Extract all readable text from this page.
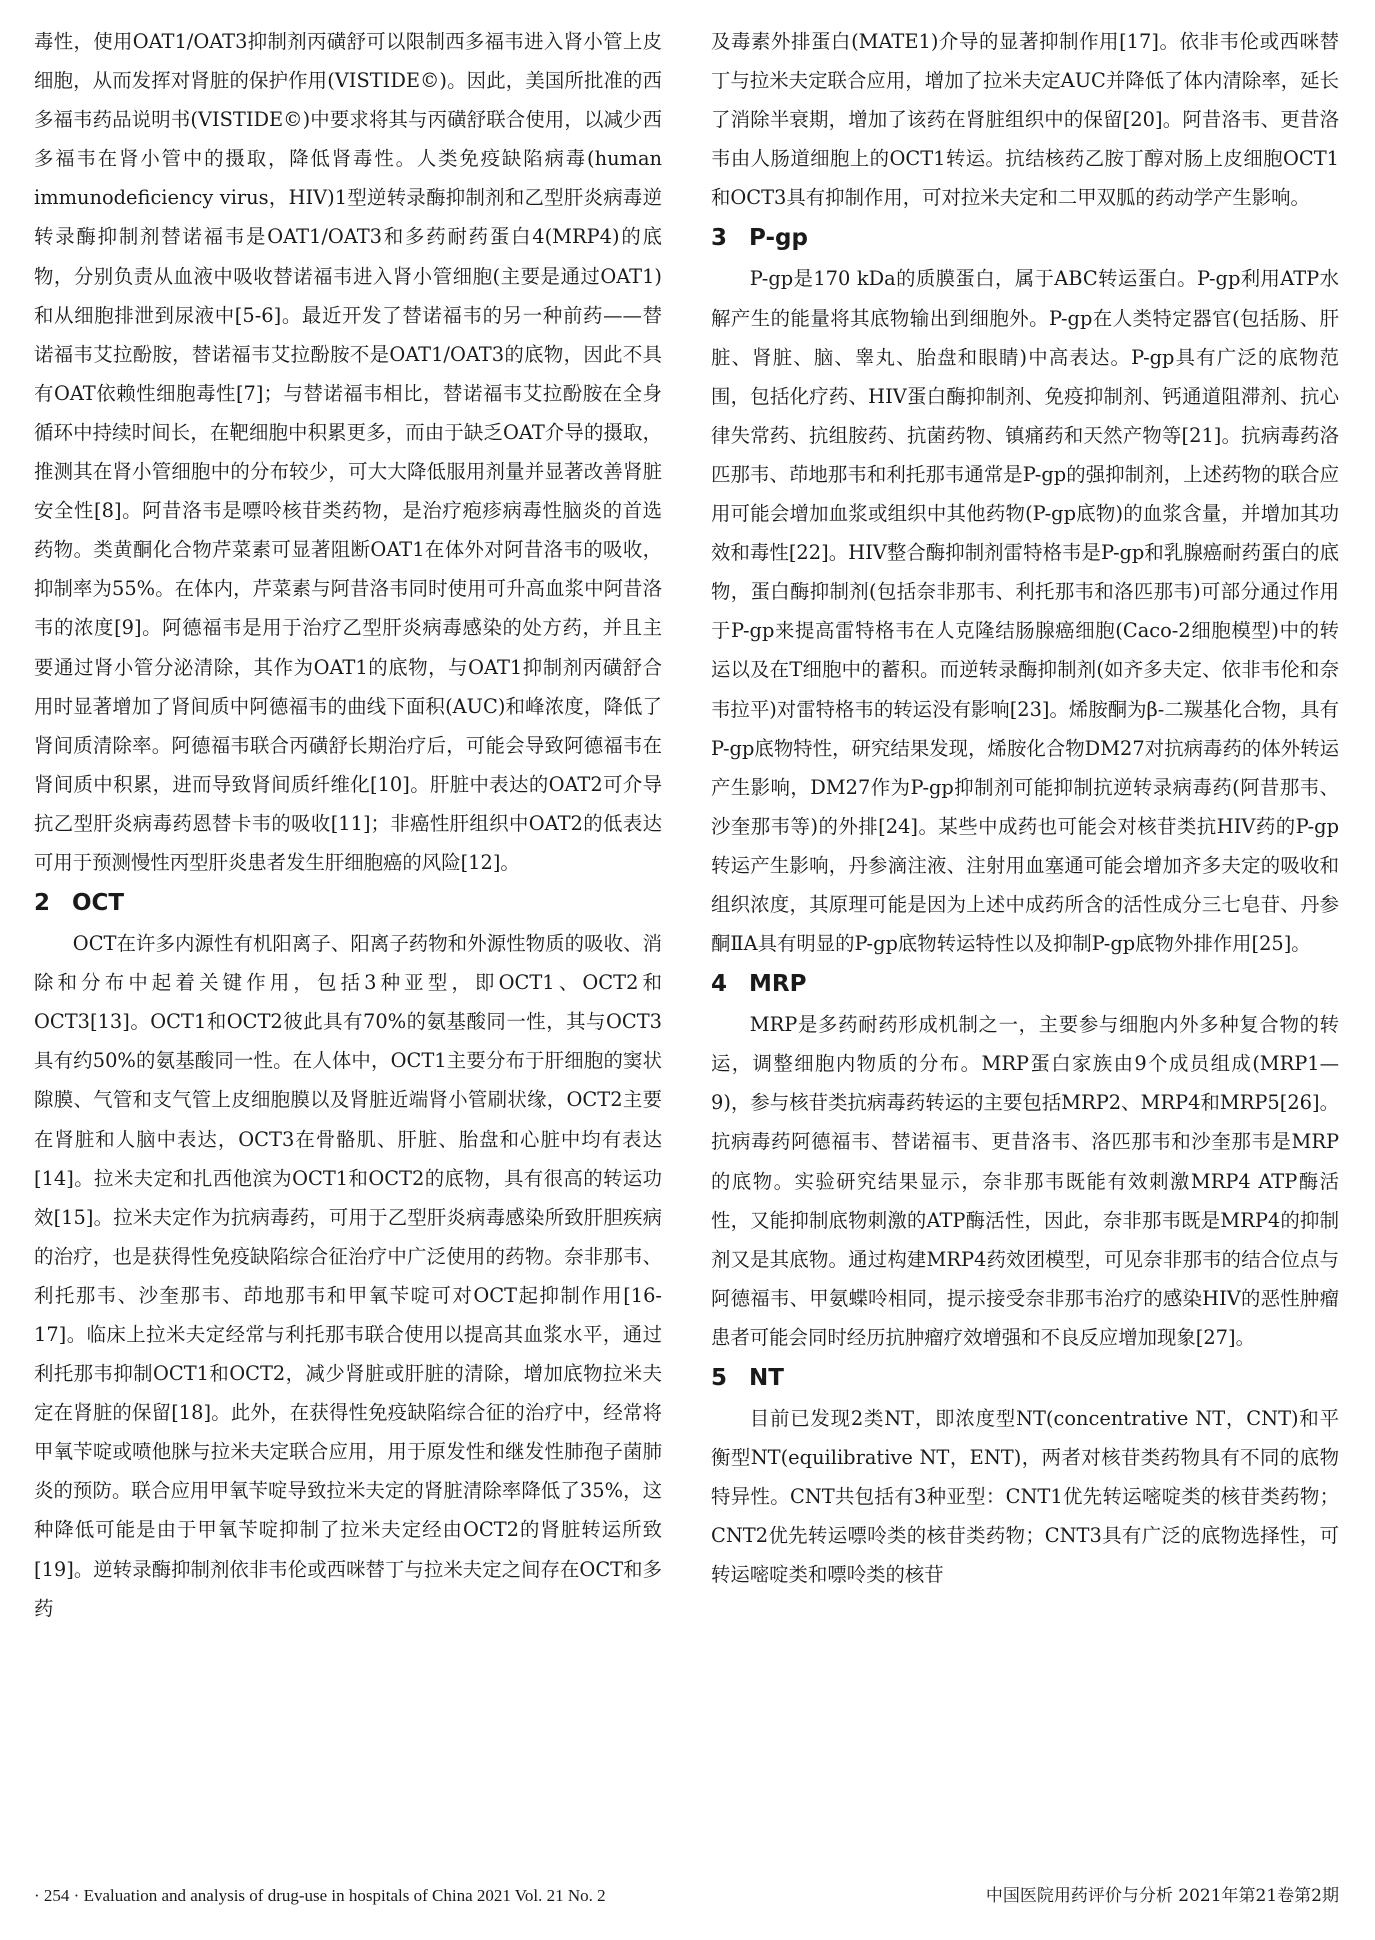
毒性，使用OAT1/OAT3抑制剂丙磺舒可以限制西多福韦进入肾小管上皮细胞，从而发挥对肾脏的保护作用(VISTIDE©)。因此，美国所批准的西多福韦药品说明书(VISTIDE©)中要求将其与丙磺舒联合使用，以减少西多福韦在肾小管中的摄取，降低肾毒性。人类免疫缺陷病毒(human immunodeficiency virus，HIV)1型逆转录酶抑制剂和乙型肝炎病毒逆转录酶抑制剂替诺福韦是OAT1/OAT3和多药耐药蛋白4(MRP4)的底物，分别负责从血液中吸收替诺福韦进入肾小管细胞(主要是通过OAT1)和从细胞排泄到尿液中[5-6]。最近开发了替诺福韦的另一种前药——替诺福韦艾拉酚胺，替诺福韦艾拉酚胺不是OAT1/OAT3的底物，因此不具有OAT依赖性细胞毒性[7]；与替诺福韦相比，替诺福韦艾拉酚胺在全身循环中持续时间长，在靶细胞中积累更多，而由于缺乏OAT介导的摄取，推测其在肾小管细胞中的分布较少，可大大降低服用剂量并显著改善肾脏安全性[8]。阿昔洛韦是嘌呤核苷类药物，是治疗疱疹病毒性脑炎的首选药物。类黄酮化合物芹菜素可显著阻断OAT1在体外对阿昔洛韦的吸收，抑制率为55%。在体内，芹菜素与阿昔洛韦同时使用可升高血浆中阿昔洛韦的浓度[9]。阿德福韦是用于治疗乙型肝炎病毒感染的处方药，并且主要通过肾小管分泌清除，其作为OAT1的底物，与OAT1抑制剂丙磺舒合用时显著增加了肾间质中阿德福韦的曲线下面积(AUC)和峰浓度，降低了肾间质清除率。阿德福韦联合丙磺舒长期治疗后，可能会导致阿德福韦在肾间质中积累，进而导致肾间质纤维化[10]。肝脏中表达的OAT2可介导抗乙型肝炎病毒药恩替卡韦的吸收[11]；非癌性肝组织中OAT2的低表达可用于预测慢性丙型肝炎患者发生肝细胞癌的风险[12]。

2 OCT

OCT在许多内源性有机阳离子、阳离子药物和外源性物质的吸收、消除和分布中起着关键作用，包括3种亚型，即OCT1、OCT2和OCT3[13]。OCT1和OCT2彼此具有70%的氨基酸同一性，其与OCT3具有约50%的氨基酸同一性。在人体中，OCT1主要分布于肝细胞的窦状隙膜、气管和支气管上皮细胞膜以及肾脏近端肾小管刷状缘，OCT2主要在肾脏和人脑中表达，OCT3在骨骼肌、肝脏、胎盘和心脏中均有表达[14]。拉米夫定和扎西他滨为OCT1和OCT2的底物，具有很高的转运功效[15]。拉米夫定作为抗病毒药，可用于乙型肝炎病毒感染所致肝胆疾病的治疗，也是获得性免疫缺陷综合征治疗中广泛使用的药物。奈非那韦、利托那韦、沙奎那韦、茚地那韦和甲氧苄啶可对OCT起抑制作用[16-17]。临床上拉米夫定经常与利托那韦联合使用以提高其血浆水平，通过利托那韦抑制OCT1和OCT2，减少肾脏或肝脏的清除，增加底物拉米夫定在肾脏的保留[18]。此外，在获得性免疫缺陷综合征的治疗中，经常将甲氧苄啶或喷他脒与拉米夫定联合应用，用于原发性和继发性肺孢子菌肺炎的预防。联合应用甲氧苄啶导致拉米夫定的肾脏清除率降低了35%，这种降低可能是由于甲氧苄啶抑制了拉米夫定经由OCT2的肾脏转运所致[19]。逆转录酶抑制剂依非韦伦或西咪替丁与拉米夫定之间存在OCT和多药

及毒素外排蛋白(MATE1)介导的显著抑制作用[17]。依非韦伦或西咪替丁与拉米夫定联合应用，增加了拉米夫定AUC并降低了体内清除率，延长了消除半衰期，增加了该药在肾脏组织中的保留[20]。阿昔洛韦、更昔洛韦由人肠道细胞上的OCT1转运。抗结核药乙胺丁醇对肠上皮细胞OCT1和OCT3具有抑制作用，可对拉米夫定和二甲双胍的药动学产生影响。

3 P-gp

P-gp是170 kDa的质膜蛋白，属于ABC转运蛋白。P-gp利用ATP水解产生的能量将其底物输出到细胞外。P-gp在人类特定器官(包括肠、肝脏、肾脏、脑、睾丸、胎盘和眼睛)中高表达。P-gp具有广泛的底物范围，包括化疗药、HIV蛋白酶抑制剂、免疫抑制剂、钙通道阻滞剂、抗心律失常药、抗组胺药、抗菌药物、镇痛药和天然产物等[21]。抗病毒药洛匹那韦、茚地那韦和利托那韦通常是P-gp的强抑制剂，上述药物的联合应用可能会增加血浆或组织中其他药物(P-gp底物)的血浆含量，并增加其功效和毒性[22]。HIV整合酶抑制剂雷特格韦是P-gp和乳腺癌耐药蛋白的底物，蛋白酶抑制剂(包括奈非那韦、利托那韦和洛匹那韦)可部分通过作用于P-gp来提高雷特格韦在人克隆结肠腺癌细胞(Caco-2细胞模型)中的转运以及在T细胞中的蓄积。而逆转录酶抑制剂(如齐多夫定、依非韦伦和奈韦拉平)对雷特格韦的转运没有影响[23]。烯胺酮为β-二羰基化合物，具有P-gp底物特性，研究结果发现，烯胺化合物DM27对抗病毒药的体外转运产生影响，DM27作为P-gp抑制剂可能抑制抗逆转录病毒药(阿昔那韦、沙奎那韦等)的外排[24]。某些中成药也可能会对核苷类抗HIV药的P-gp转运产生影响，丹参滴注液、注射用血塞通可能会增加齐多夫定的吸收和组织浓度，其原理可能是因为上述中成药所含的活性成分三七皂苷、丹参酮ⅡA具有明显的P-gp底物转运特性以及抑制P-gp底物外排作用[25]。

4 MRP

MRP是多药耐药形成机制之一，主要参与细胞内外多种复合物的转运，调整细胞内物质的分布。MRP蛋白家族由9个成员组成(MRP1—9)，参与核苷类抗病毒药转运的主要包括MRP2、MRP4和MRP5[26]。抗病毒药阿德福韦、替诺福韦、更昔洛韦、洛匹那韦和沙奎那韦是MRP的底物。实验研究结果显示，奈非那韦既能有效刺激MRP4 ATP酶活性，又能抑制底物刺激的ATP酶活性，因此，奈非那韦既是MRP4的抑制剂又是其底物。通过构建MRP4药效团模型，可见奈非那韦的结合位点与阿德福韦、甲氨蝶呤相同，提示接受奈非那韦治疗的感染HIV的恶性肿瘤患者可能会同时经历抗肿瘤疗效增强和不良反应增加现象[27]。

5 NT

目前已发现2类NT，即浓度型NT(concentrative NT，CNT)和平衡型NT(equilibrative NT，ENT)，两者对核苷类药物具有不同的底物特异性。CNT共包括有3种亚型：CNT1优先转运嘧啶类的核苷类药物；CNT2优先转运嘌呤类的核苷类药物；CNT3具有广泛的底物选择性，可转运嘧啶类和嘌呤类的核苷

· 254 · Evaluation and analysis of drug-use in hospitals of China 2021 Vol. 21 No. 2	中国医院用药评价与分析 2021年第21卷第2期
